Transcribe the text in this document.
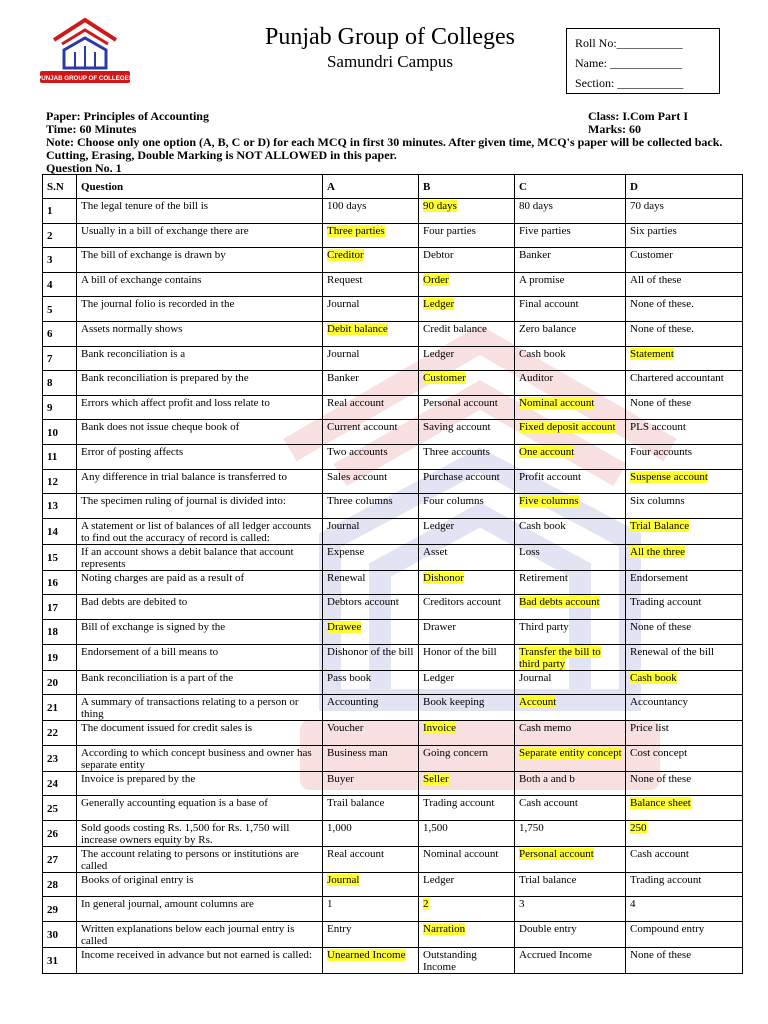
PUNJAB GROUP OF COLLEGES
Punjab Group of Colleges
Samundri Campus
Roll No:___________
Name: ____________
Section: ___________
Paper: Principles of Accounting
Time: 60 Minutes
Class: I.Com Part I
Marks: 60
Note: Choose only one option (A, B, C or D) for each MCQ in first 30 minutes. After given time, MCQ's paper will be collected back. Cutting, Erasing, Double Marking is NOT ALLOWED in this paper.
Question No. 1
S.N	Question	A	B	C	D
1	The legal tenure of the bill is	100 days	90 days	80 days	70 days
2	Usually in a bill of exchange there are	Three parties	Four parties	Five parties	Six parties
3	The bill of exchange is drawn by	Creditor	Debtor	Banker	Customer
4	A bill of exchange contains	Request	Order	A promise	All of these
5	The journal folio is recorded in the	Journal	Ledger	Final account	None of these.
6	Assets normally shows	Debit balance	Credit balance	Zero balance	None of these.
7	Bank reconciliation is a	Journal	Ledger	Cash book	Statement
8	Bank reconciliation is prepared by the	Banker	Customer	Auditor	Chartered accountant
9	Errors which affect profit and loss relate to	Real account	Personal account	Nominal account	None of these
10	Bank does not issue cheque book of	Current account	Saving account	Fixed deposit account	PLS account
11	Error of posting affects	Two accounts	Three accounts	One account	Four accounts
12	Any difference in trial balance is transferred to	Sales account	Purchase account	Profit account	Suspense account
13	The specimen ruling of journal is divided into:	Three columns	Four columns	Five columns	Six columns
14	A statement or list of balances of all ledger accounts to find out the accuracy of record is called:	Journal	Ledger	Cash book	Trial Balance
15	If an account shows a debit balance that account represents	Expense	Asset	Loss	All the three
16	Noting charges are paid as a result of	Renewal	Dishonor	Retirement	Endorsement
17	Bad debts are debited to	Debtors account	Creditors account	Bad debts account	Trading account
18	Bill of exchange is signed by the	Drawee	Drawer	Third party	None of these
19	Endorsement of a bill means to	Dishonor of the bill	Honor of the bill	Transfer the bill to third party	Renewal of the bill
20	Bank reconciliation is a part of the	Pass book	Ledger	Journal	Cash book
21	A summary of transactions relating to a person or thing	Accounting	Book keeping	Account	Accountancy
22	The document issued for credit sales is	Voucher	Invoice	Cash memo	Price list
23	According to which concept business and owner has separate entity	Business man	Going concern	Separate entity concept	Cost concept
24	Invoice is prepared by the	Buyer	Seller	Both a and b	None of these
25	Generally accounting equation is a base of	Trail balance	Trading account	Cash account	Balance sheet
26	Sold goods costing Rs. 1,500 for Rs. 1,750 will increase owners equity by Rs.	1,000	1,500	1,750	250
27	The account relating to persons or institutions are called	Real account	Nominal account	Personal account	Cash account
28	Books of original entry is	Journal	Ledger	Trial balance	Trading account
29	In general journal, amount columns are	1	2	3	4
30	Written explanations below each journal entry is called	Entry	Narration	Double entry	Compound entry
31	Income received in advance but not earned is called:	Unearned Income	Outstanding Income	Accrued Income	None of these
